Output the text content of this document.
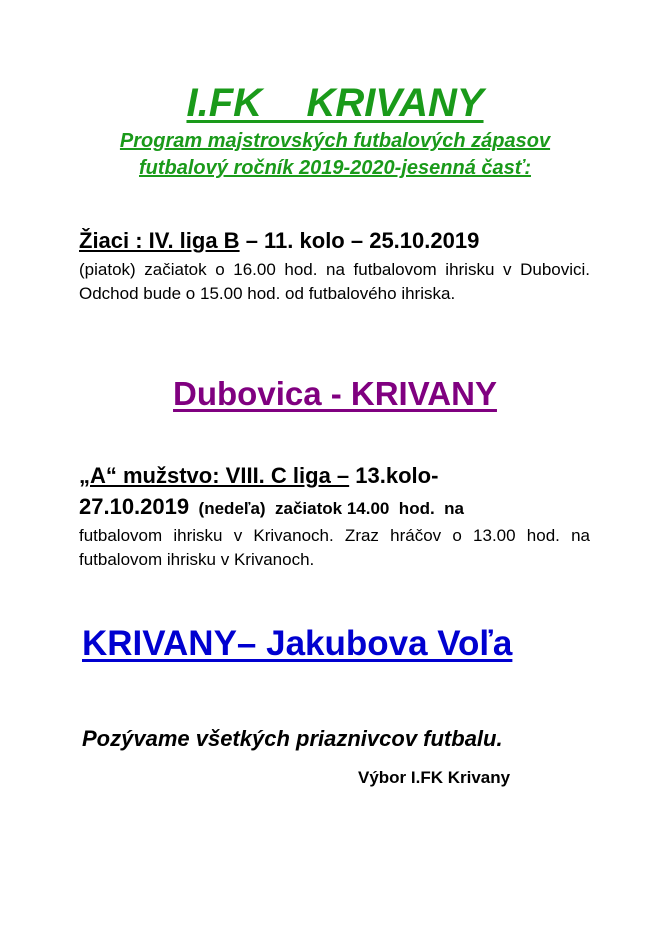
I.FK    KRIVANY
Program majstrovských futbalových zápasov
futbalový ročník 2019-2020-jesenná časť:
Žiaci : IV. liga B – 11. kolo – 25.10.2019
(piatok) začiatok o 16.00 hod. na futbalovom ihrisku v Dubovici. Odchod bude o 15.00 hod. od futbalového ihriska.
Dubovica - KRIVANY
„A“ mužstvo: VIII. C liga – 13.kolo-
27.10.2019  (nedeľa)  začiatok 14.00  hod.  na
futbalovom ihrisku v Krivanoch. Zraz hráčov o 13.00 hod. na futbalovom ihrisku v Krivanoch.
KRIVANY– Jakubova Voľa
Pozývame všetkých priaznivcov futbalu.
Výbor I.FK Krivany
